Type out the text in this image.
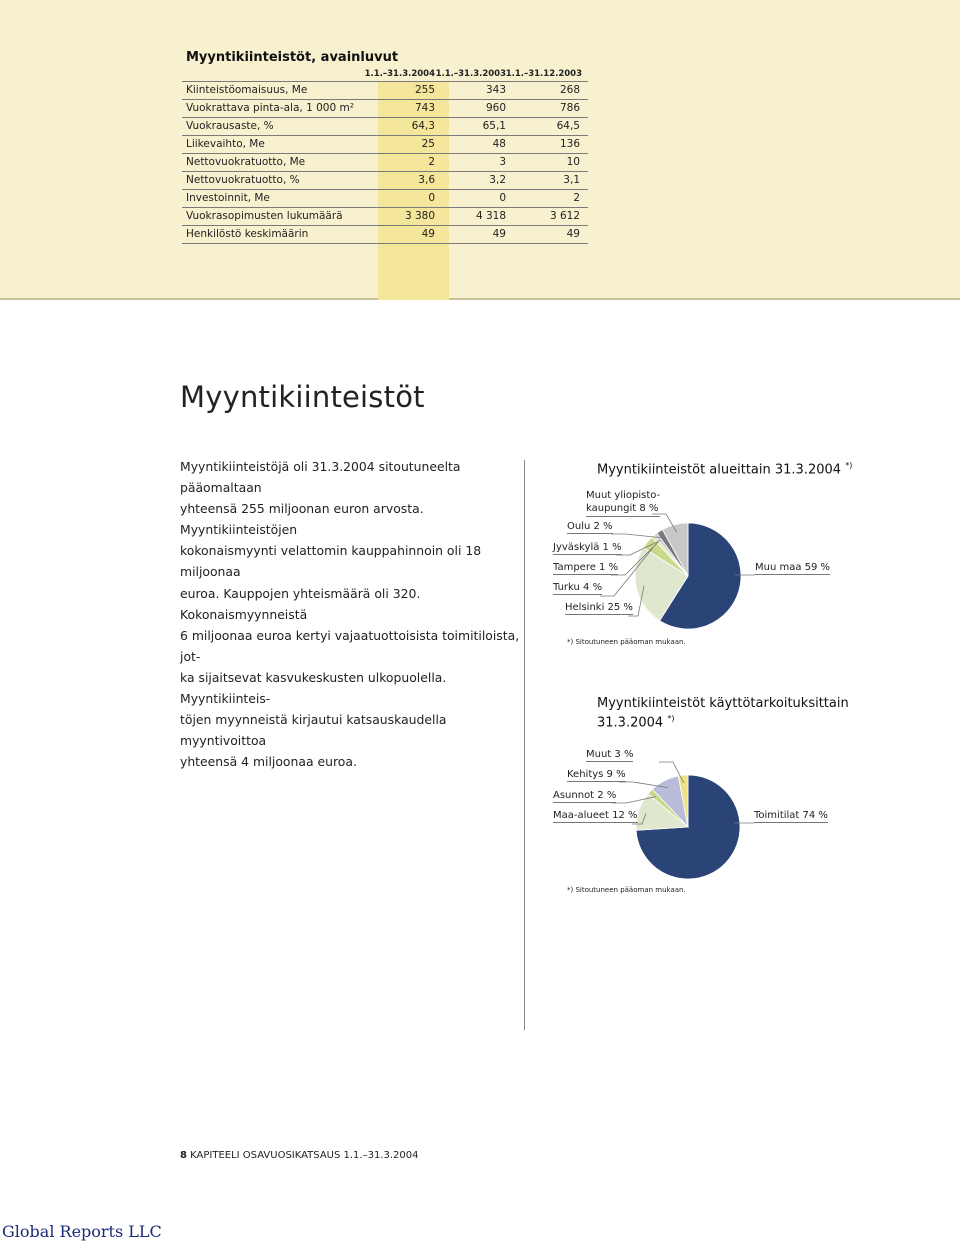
Myyntikiinteistöt, avainluvut
1.1.–31.3.2004 1.1.–31.3.2003 1.1.–31.12.2003
Kiinteistöomaisuus, Me	255	343	268
Vuokrattava pinta-ala, 1 000 m²	743	960	786
Vuokrausaste, %	64,3	65,1	64,5
Liikevaihto, Me	25	48	136
Nettovuokratuotto, Me	2	3	10
Nettovuokratuotto, %	3,6	3,2	3,1
Investoinnit, Me	0	0	2
Vuokrasopimusten lukumäärä	3 380	4 318	3 612
Henkilöstö keskimäärin	49	49	49
Myyntikiinteistöt

Myyntikiinteistöjä oli 31.3.2004 sitoutuneelta pääomaltaan

yhteensä 255 miljoonan euron arvosta. Myyntikiinteistöjen

kokonaismyynti velattomin kauppahinnoin oli 18 miljoonaa

euroa. Kauppojen yhteismäärä oli 320. Kokonaismyynneistä

6 miljoonaa euroa kertyi vajaatuottoisista toimitiloista, jot-

ka sijaitsevat kasvukeskusten ulkopuolella. Myyntikiinteis-

töjen myynneistä kirjautui katsauskaudella myyntivoittoa

yhteensä 4 miljoonaa euroa.

Myyntikiinteistöt alueittain 31.3.2004 *)
Muut yliopisto-
kaupungit 8 %
Oulu 2 %
Jyväskylä 1 %
Tampere 1 %
Turku 4 %
Helsinki 25 %
Muu maa 59 %
*) Sitoutuneen pääoman mukaan.
Myyntikiinteistöt käyttötarkoituksittain
31.3.2004 *)
Muut 3 %
Kehitys 9 %
Asunnot 2 %
Maa-alueet 12 %	Toimitilat 74 %
*) Sitoutuneen pääoman mukaan.
8 KAPITEELI OSAVUOSIKATSAUS 1.1.–31.3.2004
Global Reports LLC
